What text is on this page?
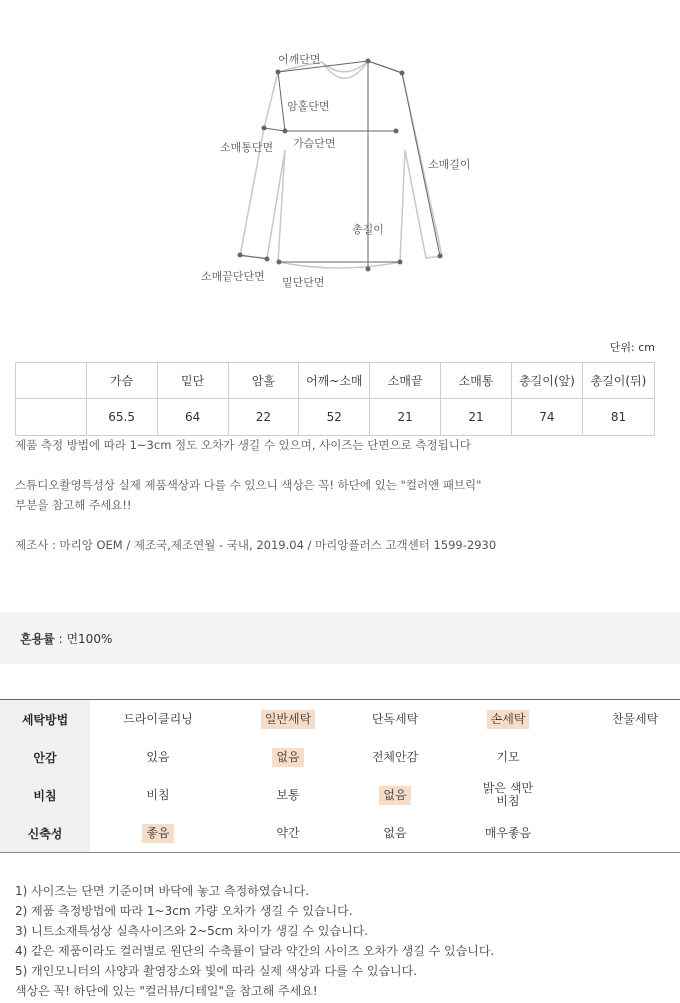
어깨단면
암홀단면
소매통단면 가슴단면
소매길이
총길이
소매끝단단면 밑단단면
단위: cm
	가슴	밑단	암홀	어깨~소매	소매끝	소매통	총길이(앞)	총길이(뒤)
	65.5	64	22	52	21	21	74	81
제품 측정 방법에 따라 1~3cm 정도 오차가 생길 수 있으며, 사이즈는 단면으로 측정됩니다
스튜디오촬영특성상 실제 제품색상과 다를 수 있으니 색상은 꼭! 하단에 있는 "컬러앤 패브릭"
부분을 참고해 주세요!!
제조사 : 마리앙 OEM / 제조국,제조연월 - 국내, 2019.04 / 마리앙플러스 고객센터 1599-2930
혼용률 : 면100%
세탁방법	드라이클리닝	일반세탁	단독세탁	손세탁	찬물세탁
안감	있음	없음	전체안감	기모
비침	비침	보통	없음	밝은 색만 비침
신축성	좋음	약간	없음	매우좋음
1) 사이즈는 단면 기준이며 바닥에 놓고 측정하였습니다.
2) 제품 측정방법에 따라 1~3cm 가량 오차가 생길 수 있습니다.
3) 니트소재특성상 실측사이즈와 2~5cm 차이가 생길 수 있습니다.
4) 같은 제품이라도 컬러별로 원단의 수축률이 달라 약간의 사이즈 오차가 생길 수 있습니다.
5) 개인모니터의 사양과 촬영장소와 빛에 따라 실제 색상과 다를 수 있습니다.
색상은 꼭! 하단에 있는 "컬러뷰/디테일"을 참고해 주세요!
